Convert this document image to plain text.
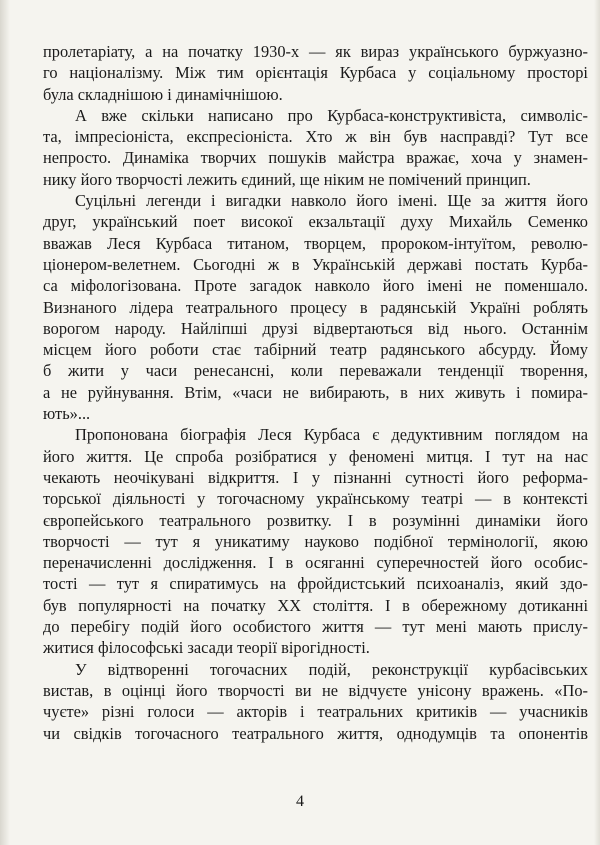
пролетаріату, а на початку 1930-х — як вираз українського буржуазно-
го націоналізму. Між тим орієнтація Курбаса у соціальному просторі
була складнішою і динамічнішою.
А вже скільки написано про Курбаса-конструктивіста, символіс-
та, імпресіоніста, експресіоніста. Хто ж він був насправді? Тут все
непросто. Динаміка творчих пошуків майстра вражає, хоча у знамен-
нику його творчості лежить єдиний, ще ніким не помічений принцип.
Суцільні легенди і вигадки навколо його імені. Ще за життя його
друг, український поет високої екзальтації духу Михайль Семенко
вважав Леся Курбаса титаном, творцем, пророком-інтуїтом, револю-
ціонером-велетнем. Сьогодні ж в Українській державі постать Курба-
са міфологізована. Проте загадок навколо його імені не поменшало.
Визнаного лідера театрального процесу в радянській Україні роблять
ворогом народу. Найліпші друзі відвертаються від нього. Останнім
місцем його роботи стає табірний театр радянського абсурду. Йому
б жити у часи ренесансні, коли переважали тенденції творення,
а не руйнування. Втім, «часи не вибирають, в них живуть і помира-
ють»...
Пропонована біографія Леся Курбаса є дедуктивним поглядом на
його життя. Це спроба розібратися у феномені митця. І тут на нас
чекають неочікувані відкриття. І у пізнанні сутності його реформа-
торської діяльності у тогочасному українському театрі — в контексті
європейського театрального розвитку. І в розумінні динаміки його
творчості — тут я уникатиму науково подібної термінології, якою
переначисленні дослідження. І в осяганні суперечностей його особис-
тості — тут я спиратимусь на фройдистський психоаналіз, який здо-
був популярності на початку ХХ століття. І в обережному дотиканні
до перебігу подій його особистого життя — тут мені мають прислу-
житися філософські засади теорії вірогідності.
У відтворенні тогочасних подій, реконструкції курбасівських
вистав, в оцінці його творчості ви не відчуєте унісону вражень. «По-
чуєте» різні голоси — акторів і театральних критиків — учасників
чи свідків тогочасного театрального життя, однодумців та опонентів
4
